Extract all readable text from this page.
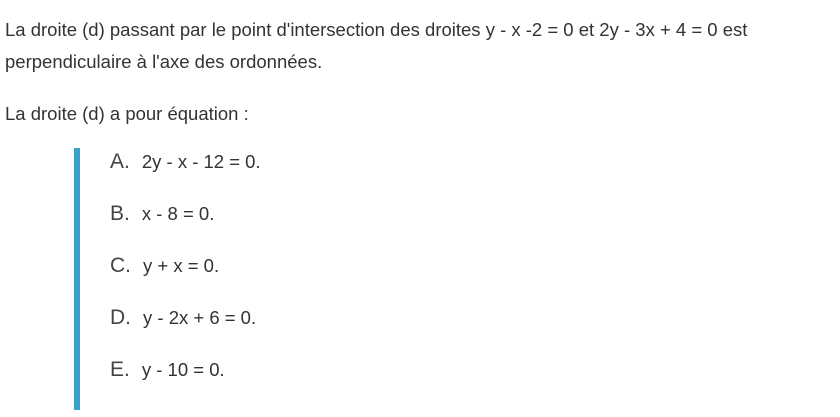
La droite (d) passant par le point d'intersection des droites y - x -2 = 0 et 2y - 3x + 4 = 0 est perpendiculaire à l'axe des ordonnées.
La droite (d) a pour équation :
A. 2y - x - 12 = 0.
B. x - 8 = 0.
C. y + x = 0.
D. y - 2x + 6 = 0.
E. y - 10 = 0.
